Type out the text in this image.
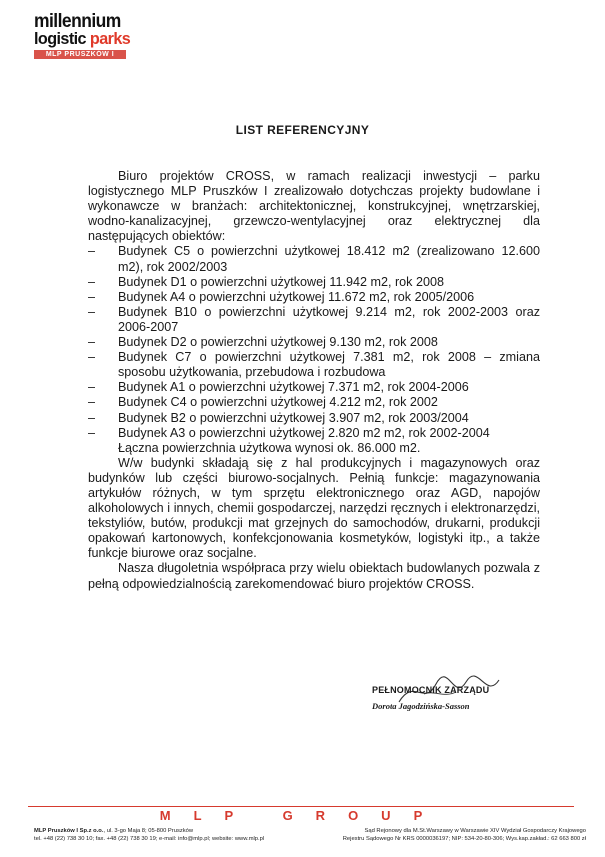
millennium
logistic parks
MLP PRUSZKÓW I
LIST REFERENCYJNY

Biuro projektów CROSS, w ramach realizacji inwestycji – parku logistycznego MLP Pruszków I zrealizowało dotychczas projekty budowlane i wykonawcze w branżach: architektonicznej, konstrukcyjnej, wnętrzarskiej, wodno-kanalizacyjnej, grzewczo-wentylacyjnej oraz elektrycznej dla następujących obiektów:

– Budynek C5 o powierzchni użytkowej 18.412 m2 (zrealizowano 12.600 m2), rok 2002/2003
– Budynek D1 o powierzchni użytkowej 11.942 m2, rok 2008
– Budynek A4 o powierzchni użytkowej 11.672 m2, rok 2005/2006
– Budynek B10 o powierzchni użytkowej 9.214 m2, rok 2002-2003 oraz 2006-2007
– Budynek D2 o powierzchni użytkowej 9.130 m2, rok 2008
– Budynek C7 o powierzchni użytkowej 7.381 m2, rok 2008 – zmiana sposobu użytkowania, przebudowa i rozbudowa
– Budynek A1 o powierzchni użytkowej 7.371 m2, rok 2004-2006
– Budynek C4 o powierzchni użytkowej 4.212 m2, rok 2002
– Budynek B2 o powierzchni użytkowej 3.907 m2, rok 2003/2004
– Budynek A3 o powierzchni użytkowej 2.820 m2 m2, rok 2002-2004

Łączna powierzchnia użytkowa wynosi ok. 86.000 m2.

W/w budynki składają się z hal produkcyjnych i magazynowych oraz budynków lub części biurowo-socjalnych. Pełnią funkcje: magazynowania artykułów różnych, w tym sprzętu elektronicznego oraz AGD, napojów alkoholowych i innych, chemii gospodarczej, narzędzi ręcznych i elektronarzędzi, tekstyliów, butów, produkcji mat grzejnych do samochodów, drukarni, produkcji opakowań kartonowych, konfekcjonowania kosmetyków, logistyki itp., a także funkcje biurowe oraz socjalne.

Nasza długoletnia współpraca przy wielu obiektach budowlanych pozwala z pełną odpowiedzialnością zarekomendować biuro projektów CROSS.

PEŁNOMOCNIK ZARZĄDU
Dorota Jagodzińska-Sasson
MLP GROUP
MLP Pruszków I Sp.z o.o., ul. 3-go Maja 8; 05-800 Pruszków
tel. +48 (22) 738 30 10; fax. +48 (22) 738 30 19; e-mail: info@mlp.pl; website: www.mlp.pl
Sąd Rejonowy dla M.St.Warszawy w Warszawie XIV Wydział Gospodarczy Krajowego
Rejestru Sądowego Nr KRS 0000036197; NIP: 534-20-80-306; Wys.kap.zakład.: 62 663 800 zł
